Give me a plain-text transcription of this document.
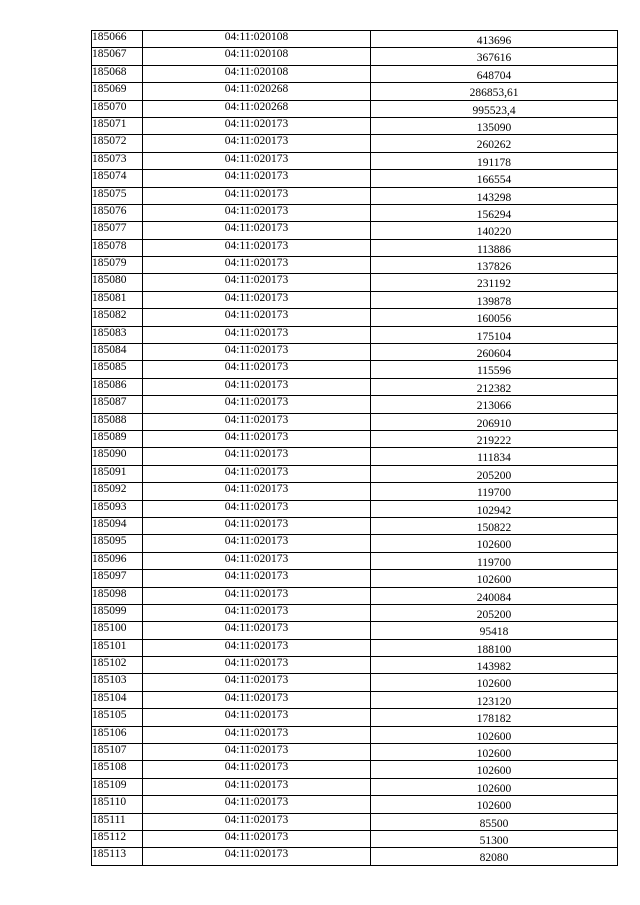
185066	04:11:020108	413696
185067	04:11:020108	367616
185068	04:11:020108	648704
185069	04:11:020268	286853,61
185070	04:11:020268	995523,4
185071	04:11:020173	135090
185072	04:11:020173	260262
185073	04:11:020173	191178
185074	04:11:020173	166554
185075	04:11:020173	143298
185076	04:11:020173	156294
185077	04:11:020173	140220
185078	04:11:020173	113886
185079	04:11:020173	137826
185080	04:11:020173	231192
185081	04:11:020173	139878
185082	04:11:020173	160056
185083	04:11:020173	175104
185084	04:11:020173	260604
185085	04:11:020173	115596
185086	04:11:020173	212382
185087	04:11:020173	213066
185088	04:11:020173	206910
185089	04:11:020173	219222
185090	04:11:020173	111834
185091	04:11:020173	205200
185092	04:11:020173	119700
185093	04:11:020173	102942
185094	04:11:020173	150822
185095	04:11:020173	102600
185096	04:11:020173	119700
185097	04:11:020173	102600
185098	04:11:020173	240084
185099	04:11:020173	205200
185100	04:11:020173	95418
185101	04:11:020173	188100
185102	04:11:020173	143982
185103	04:11:020173	102600
185104	04:11:020173	123120
185105	04:11:020173	178182
185106	04:11:020173	102600
185107	04:11:020173	102600
185108	04:11:020173	102600
185109	04:11:020173	102600
185110	04:11:020173	102600
185111	04:11:020173	85500
185112	04:11:020173	51300
185113	04:11:020173	82080
